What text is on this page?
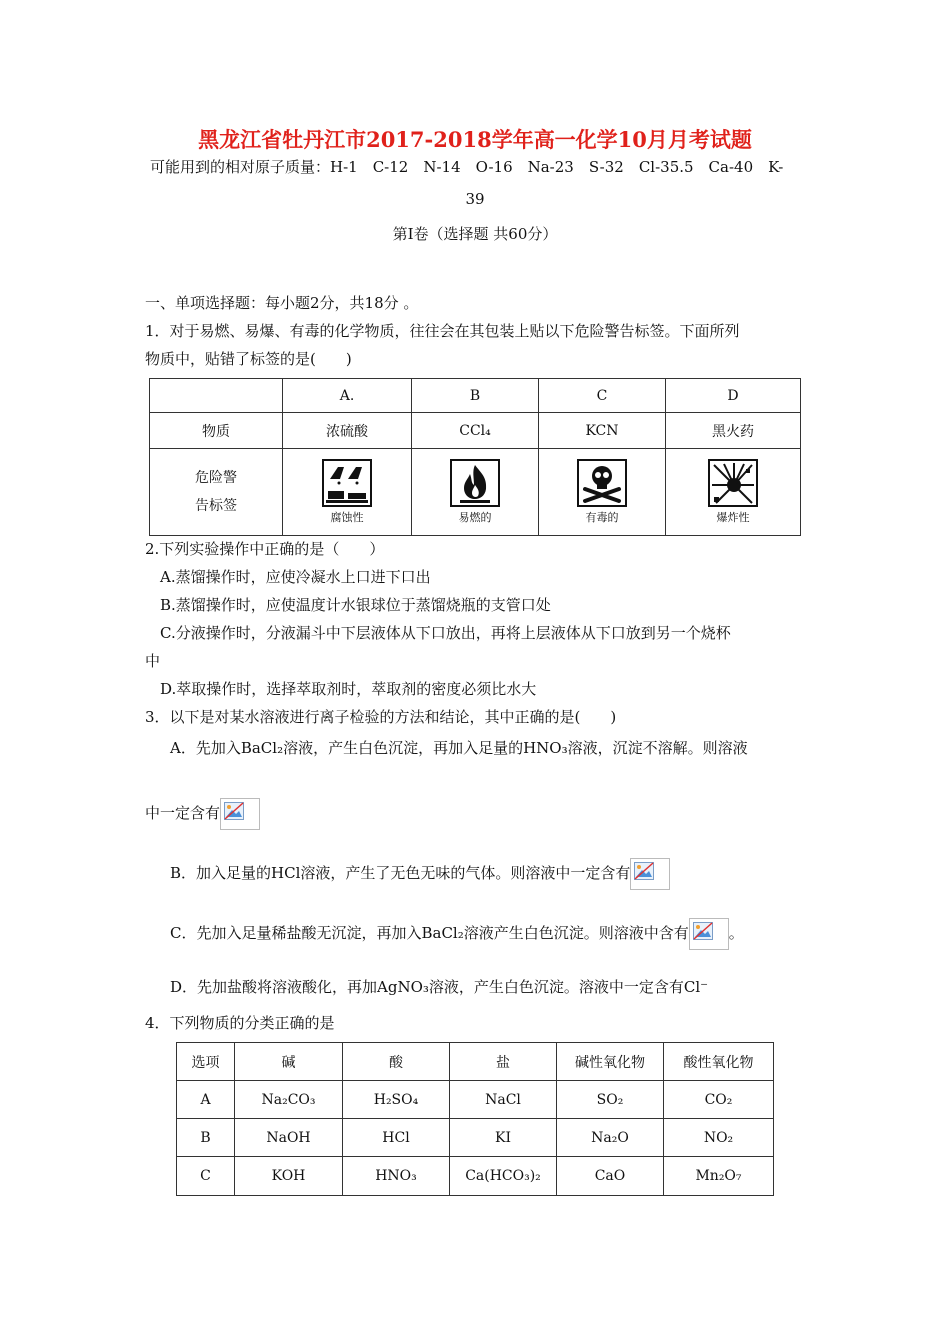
黑龙江省牡丹江市2017-2018学年高一化学10月月考试题
可能用到的相对原子质量：H-1　C-12　N-14　O-16　Na-23　S-32　Cl-35.5　Ca-40　K-
39
第Ⅰ卷（选择题 共60分）
一、单项选择题：每小题2分，共18分 。
1．对于易燃、易爆、有毒的化学物质，往往会在其包装上贴以下危险警告标签。下面所列
物质中，贴错了标签的是(　　)
	A.	B	C	D
物质	浓硫酸	CCl₄	KCN	黑火药

危险警
告标签	腐蚀性	易燃的	有毒的	爆炸性
2.下列实验操作中正确的是（　　）
A.蒸馏操作时，应使冷凝水上口进下口出
B.蒸馏操作时，应使温度计水银球位于蒸馏烧瓶的支管口处
C.分液操作时，分液漏斗中下层液体从下口放出，再将上层液体从下口放到另一个烧杯
中
D.萃取操作时，选择萃取剂时，萃取剂的密度必须比水大
3．以下是对某水溶液进行离子检验的方法和结论，其中正确的是(　　)
A．先加入BaCl₂溶液，产生白色沉淀，再加入足量的HNO₃溶液，沉淀不溶解。则溶液
中一定含有
B．加入足量的HCl溶液，产生了无色无味的气体。则溶液中一定含有
C．先加入足量稀盐酸无沉淀，再加入BaCl₂溶液产生白色沉淀。则溶液中含有	。
D．先加盐酸将溶液酸化，再加AgNO₃溶液，产生白色沉淀。溶液中一定含有Cl⁻
4．下列物质的分类正确的是
选项	碱	酸	盐	碱性氧化物	酸性氧化物
A	Na₂CO₃	H₂SO₄	NaCl	SO₂	CO₂
B	NaOH	HCl	KI	Na₂O	NO₂
C	KOH	HNO₃	Ca(HCO₃)₂	CaO	Mn₂O₇
